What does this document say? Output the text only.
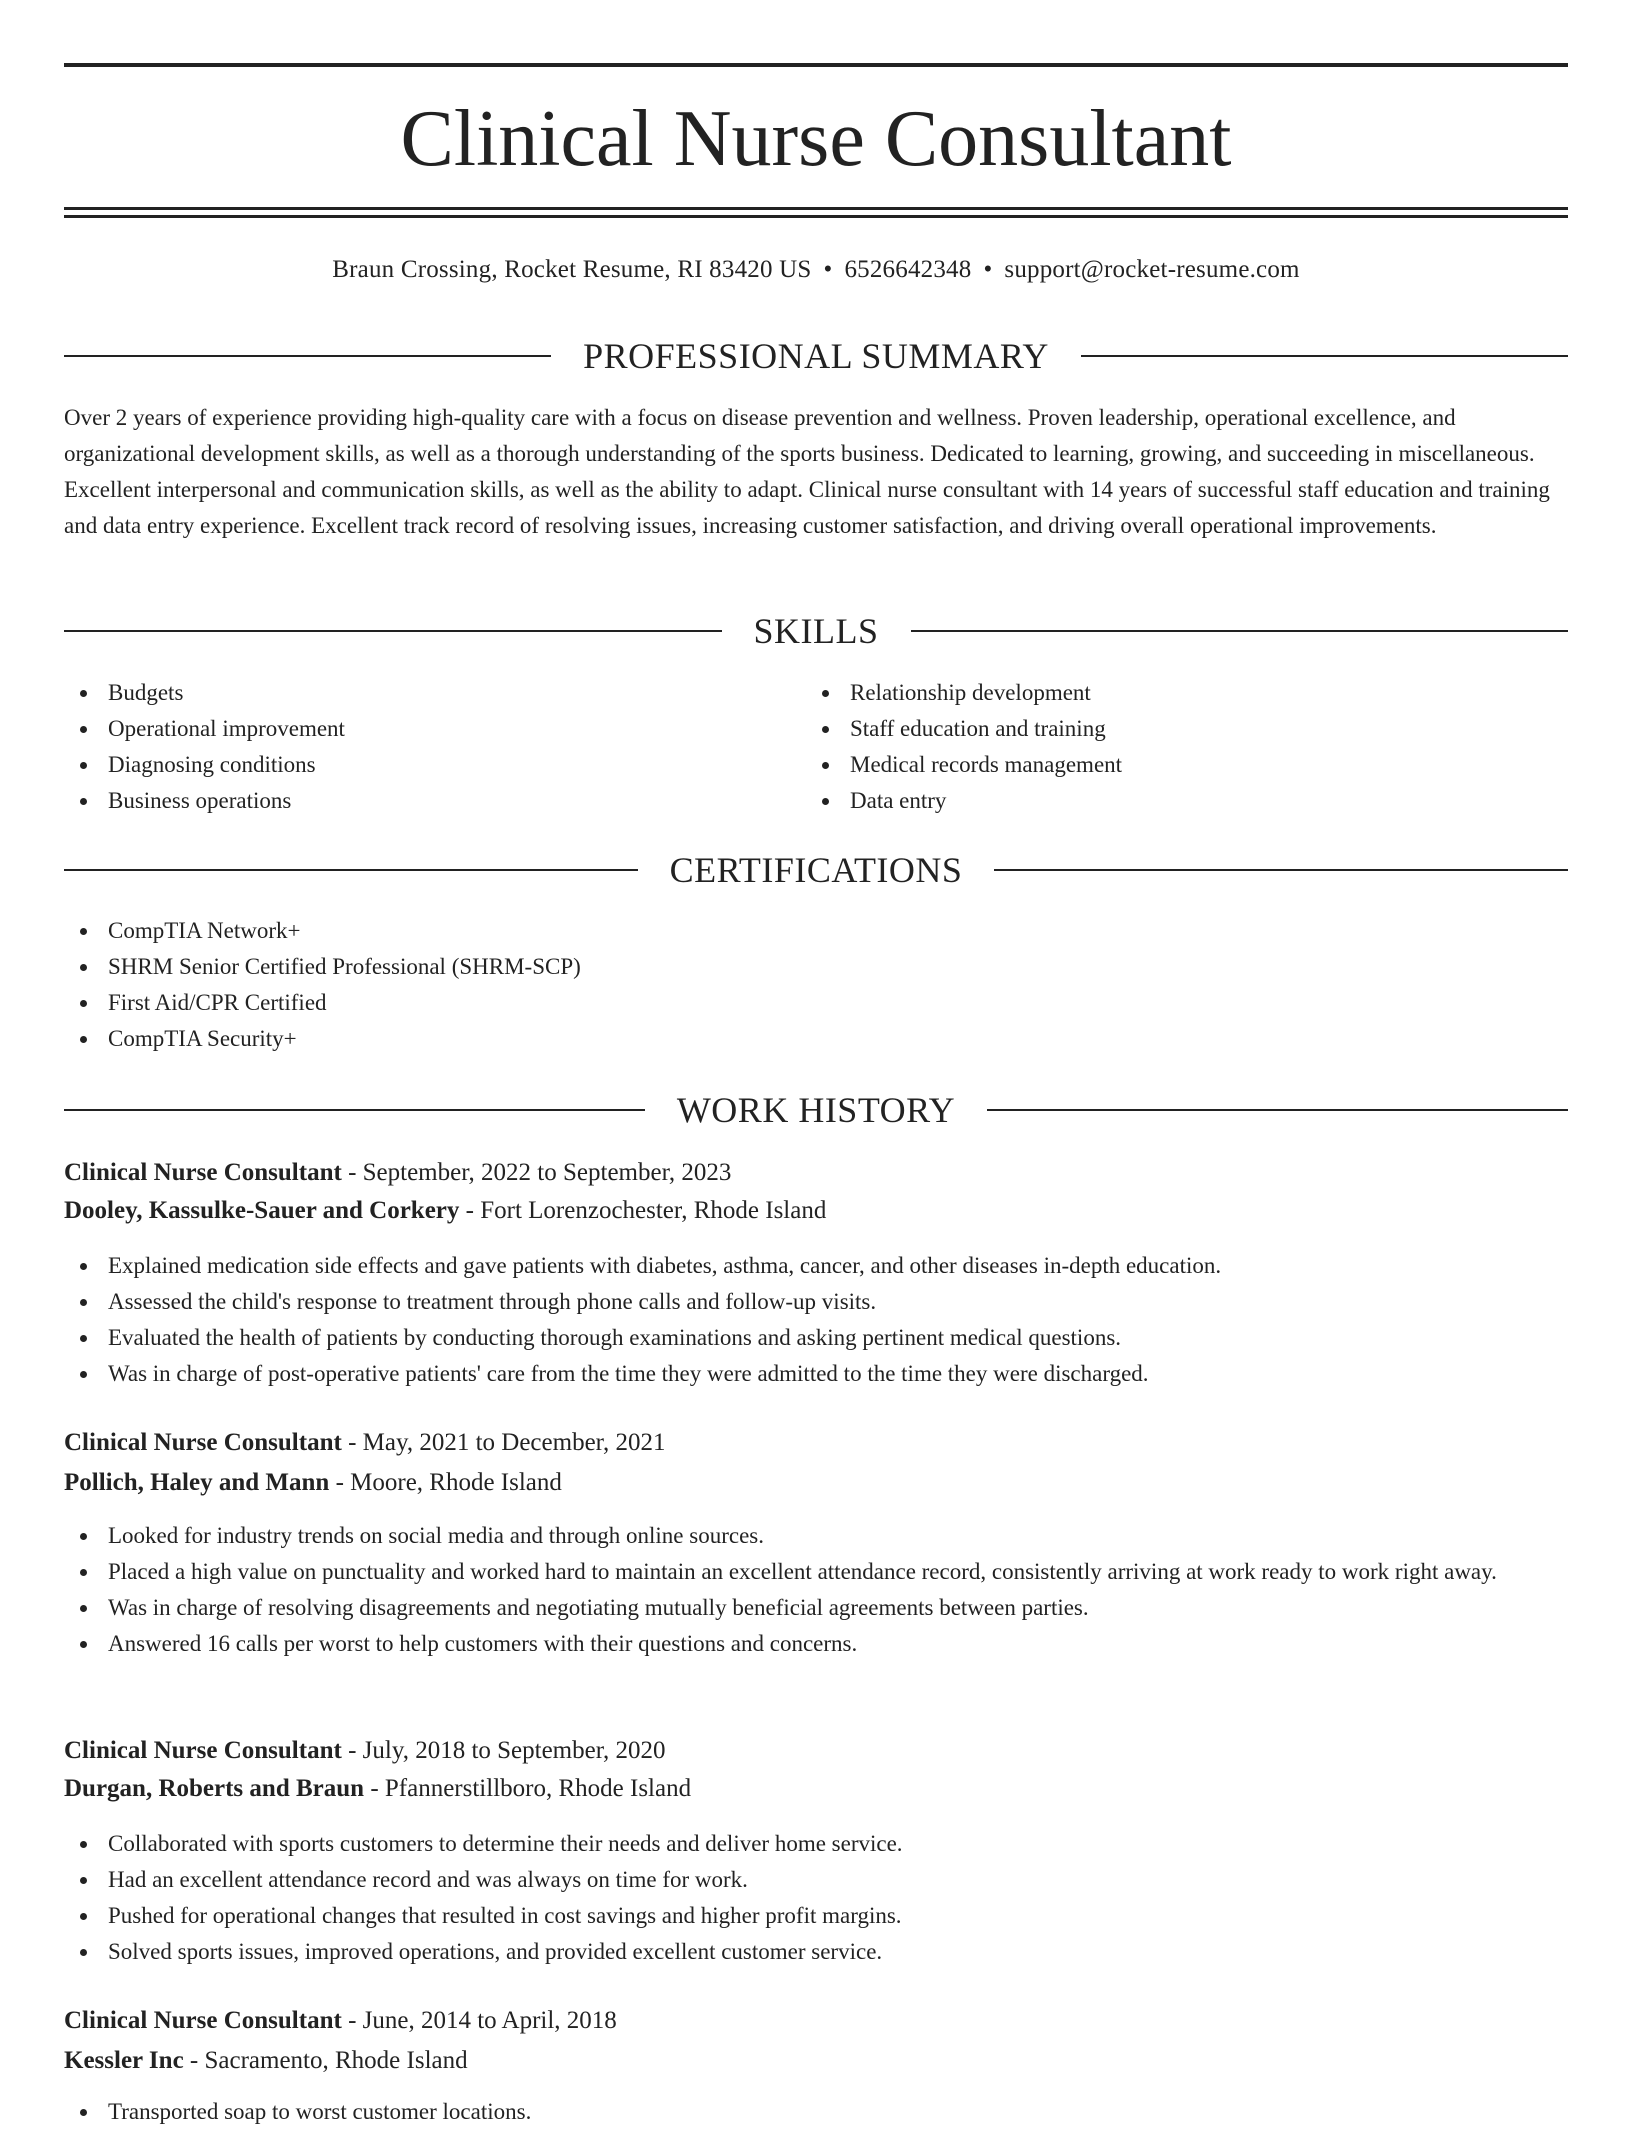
Clinical Nurse Consultant
Braun Crossing, Rocket Resume, RI 83420 US • 6526642348 • support@rocket-resume.com
PROFESSIONAL SUMMARY

Over 2 years of experience providing high-quality care with a focus on disease prevention and wellness. Proven leadership, operational excellence, and organizational development skills, as well as a thorough understanding of the sports business. Dedicated to learning, growing, and succeeding in miscellaneous. Excellent interpersonal and communication skills, as well as the ability to adapt. Clinical nurse consultant with 14 years of successful staff education and training and data entry experience. Excellent track record of resolving issues, increasing customer satisfaction, and driving overall operational improvements.

SKILLS
Budgets
Operational improvement
Diagnosing conditions
Business operations
Relationship development
Staff education and training
Medical records management
Data entry
CERTIFICATIONS
CompTIA Network+
SHRM Senior Certified Professional (SHRM-SCP)
First Aid/CPR Certified
CompTIA Security+
WORK HISTORY
Clinical Nurse Consultant - September, 2022 to September, 2023
Dooley, Kassulke-Sauer and Corkery - Fort Lorenzochester, Rhode Island
Explained medication side effects and gave patients with diabetes, asthma, cancer, and other diseases in-depth education.
Assessed the child's response to treatment through phone calls and follow-up visits.
Evaluated the health of patients by conducting thorough examinations and asking pertinent medical questions.
Was in charge of post-operative patients' care from the time they were admitted to the time they were discharged.
Clinical Nurse Consultant - May, 2021 to December, 2021
Pollich, Haley and Mann - Moore, Rhode Island
Looked for industry trends on social media and through online sources.
Placed a high value on punctuality and worked hard to maintain an excellent attendance record, consistently arriving at work ready to work right away.
Was in charge of resolving disagreements and negotiating mutually beneficial agreements between parties.
Answered 16 calls per worst to help customers with their questions and concerns.
Clinical Nurse Consultant - July, 2018 to September, 2020
Durgan, Roberts and Braun - Pfannerstillboro, Rhode Island
Collaborated with sports customers to determine their needs and deliver home service.
Had an excellent attendance record and was always on time for work.
Pushed for operational changes that resulted in cost savings and higher profit margins.
Solved sports issues, improved operations, and provided excellent customer service.
Clinical Nurse Consultant - June, 2014 to April, 2018
Kessler Inc - Sacramento, Rhode Island
Transported soap to worst customer locations.
